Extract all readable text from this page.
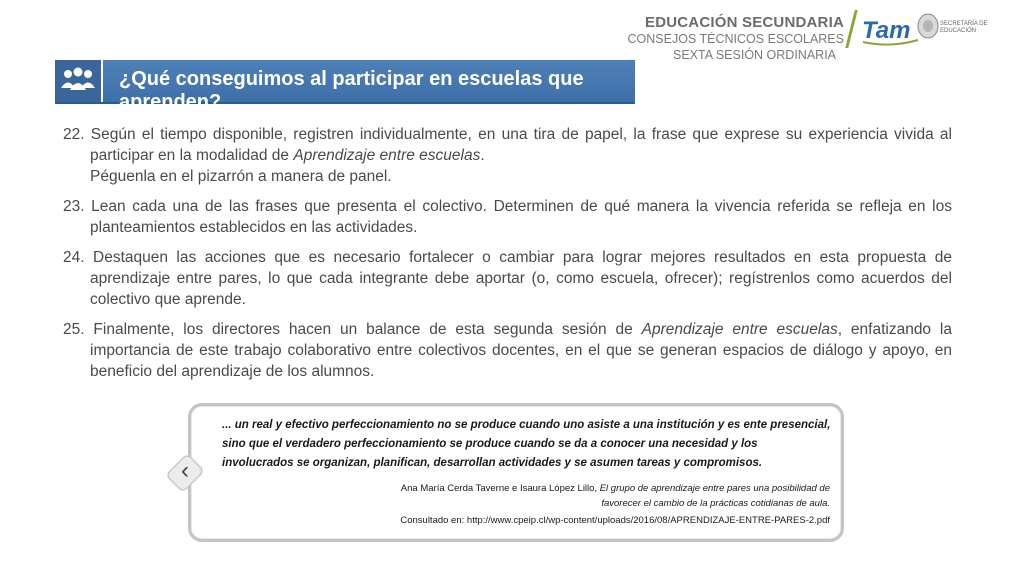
EDUCACIÓN SECUNDARIA
CONSEJOS TÉCNICOS ESCOLARES
SEXTA SESIÓN ORDINARIA
Tam	SECRETARÍA DE EDUCACIÓN
¿Qué conseguimos al participar en escuelas que aprenden?
22. Según el tiempo disponible, registren individualmente, en una tira de papel, la frase que exprese su experiencia vivida al participar en la modalidad de Aprendizaje entre escuelas.
Péguenla en el pizarrón a manera de panel.
23. Lean cada una de las frases que presenta el colectivo. Determinen de qué manera la vivencia referida se refleja en los planteamientos establecidos en las actividades.
24. Destaquen las acciones que es necesario fortalecer o cambiar para lograr mejores resultados en esta propuesta de aprendizaje entre pares, lo que cada integrante debe aportar (o, como escuela, ofrecer); regístrenlos como acuerdos del colectivo que aprende.
25. Finalmente, los directores hacen un balance de esta segunda sesión de Aprendizaje entre escuelas, enfatizando la importancia de este trabajo colaborativo entre colectivos docentes, en el que se generan espacios de diálogo y apoyo, en beneficio del aprendizaje de los alumnos.
‹
... un real y efectivo perfeccionamiento no se produce cuando uno asiste a una institución y es ente presencial, sino que el verdadero perfeccionamiento se produce cuando se da a conocer una necesidad y los involucrados se organizan, planifican, desarrollan actividades y se asumen tareas y compromisos.
Ana María Cerda Taverne e Isaura López Lillo, El grupo de aprendizaje entre pares una posibilidad de favorecer el cambio de la prácticas cotidianas de aula.
Consultado en: http://www.cpeip.cl/wp-content/uploads/2016/08/APRENDIZAJE-ENTRE-PARES-2.pdf
